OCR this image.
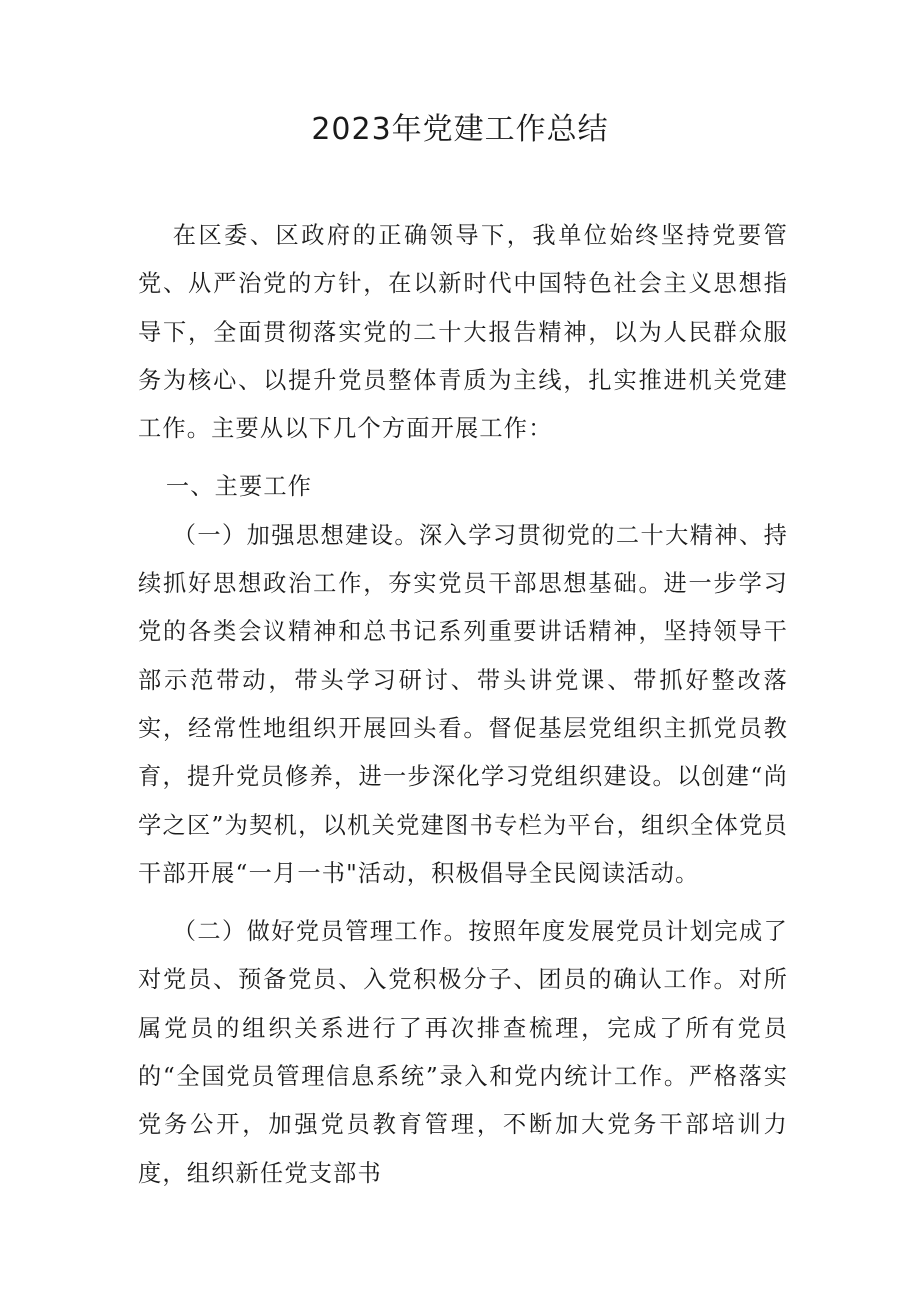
2023年党建工作总结

在区委、区政府的正确领导下，我单位始终坚持党要管党、从严治党的方针，在以新时代中国特色社会主义思想指导下，全面贯彻落实党的二十大报告精神，以为人民群众服务为核心、以提升党员整体青质为主线，扎实推进机关党建工作。主要从以下几个方面开展工作：

一、主要工作

（一）加强思想建设。深入学习贯彻党的二十大精神、持续抓好思想政治工作，夯实党员干部思想基础。进一步学习党的各类会议精神和总书记系列重要讲话精神，坚持领导干部示范带动，带头学习研讨、带头讲党课、带抓好整改落实，经常性地组织开展回头看。督促基层党组织主抓党员教育，提升党员修养，进一步深化学习党组织建设。以创建“尚学之区”为契机，以机关党建图书专栏为平台，组织全体党员干部开展“一月一书"活动，积极倡导全民阅读活动。

（二）做好党员管理工作。按照年度发展党员计划完成了对党员、预备党员、入党积极分子、团员的确认工作。对所属党员的组织关系进行了再次排查梳理，完成了所有党员的“全国党员管理信息系统”录入和党内统计工作。严格落实党务公开，加强党员教育管理，不断加大党务干部培训力度，组织新任党支部书
